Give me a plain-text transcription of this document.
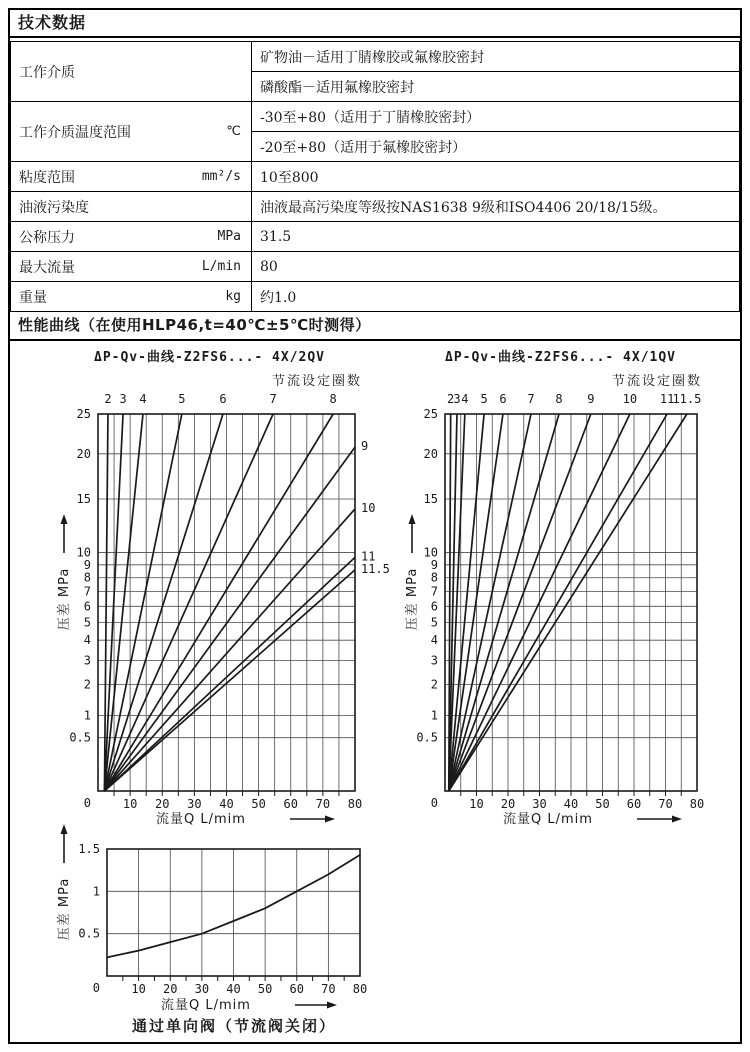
技术数据
工作介质	矿物油－适用丁腈橡胶或氟橡胶密封
	磷酸酯－适用氟橡胶密封

工作介质温度范围 ℃	-30至+80（适用于丁腈橡胶密封）
	-20至+80（适用于氟橡胶密封）

粘度范围 mm²/s	10至800

油液污染度	油液最高污染度等级按NAS1638 9级和ISO4406 20/18/15级。

公称压力 MPa	31.5

最大流量 L/min	80

重量 kg	约1.0
性能曲线（在使用HLP46,t=40℃±5℃时测得）
2 3 4	5	6	7	8
9
10
11
11.5
25
20
15
10
9
8
7
6
5
4
3
2
1
0.5
0	10 20 30 40 50 60 70 80
ΔP-Qv-曲线-Z2FS6...- 4X/2QV
节流设定圈数
流量Q L/mim
压差 MPa
2 3 4 5 6 7 8 9 10 11
11.5
25
20
15
10
9
8
7
6
5
4
3
2
1
0.5
0	10 20 30 40 50 60 70 80
ΔP-Qv-曲线-Z2FS6...- 4X/1QV
节流设定圈数
流量Q L/mim
压差 MPa
1.5
1
0.5
0	10 20 30 40 50 60 70 80
流量Q L/mim
压差 MPa
通过单向阀（节流阀关闭）
